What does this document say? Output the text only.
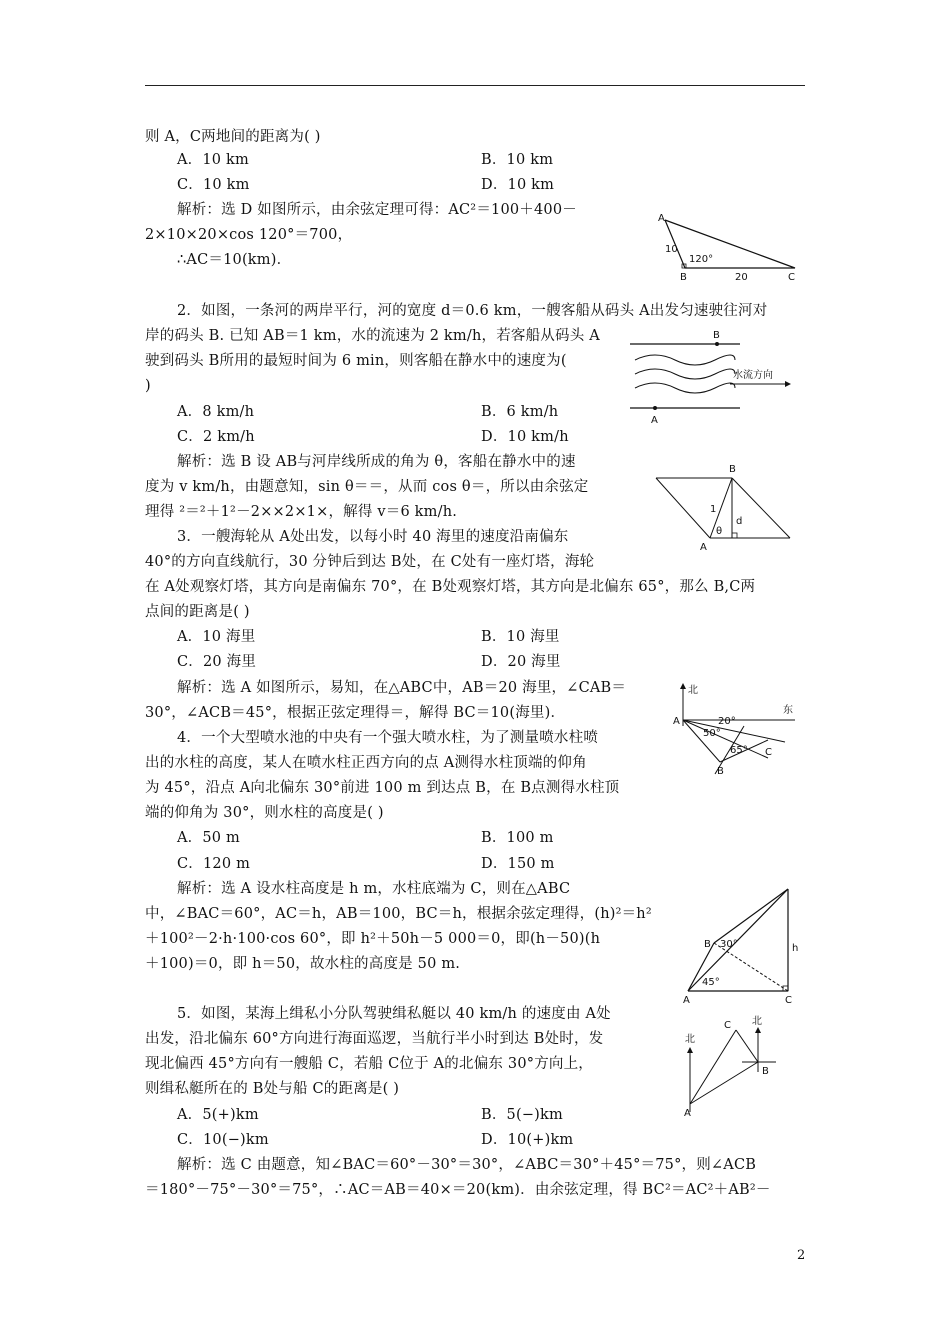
则 A，C两地间的距离为( )
A．10 km	B．10 km
C．10 km	D．10 km
解析：选 D 如图所示，由余弦定理可得：AC²＝100＋400－
2×10×20×cos 120°＝700，
∴AC＝10(km)．
2．如图，一条河的两岸平行，河的宽度 d＝0.6 km，一艘客船从码头 A出发匀速驶往河对
岸的码头 B. 已知 AB＝1 km，水的流速为 2 km/h，若客船从码头 A
驶到码头 B所用的最短时间为 6 min，则客船在静水中的速度为(
)
A．8 km/h	B．6 km/h
C．2 km/h	D．10 km/h
解析：选 B 设 AB与河岸线所成的角为 θ，客船在静水中的速
度为 v km/h，由题意知，sin θ＝＝，从而 cos θ＝，所以由余弦定
理得 ²＝²＋1²－2××2×1×，解得 v＝6 km/h.
3．一艘海轮从 A处出发，以每小时 40 海里的速度沿南偏东
40°的方向直线航行，30 分钟后到达 B处，在 C处有一座灯塔，海轮
在 A处观察灯塔，其方向是南偏东 70°，在 B处观察灯塔，其方向是北偏东 65°，那么 B,C两
点间的距离是( )
A．10 海里	B．10 海里
C．20 海里	D．20 海里
解析：选 A 如图所示，易知，在△ABC中，AB＝20 海里，∠CAB＝
30°，∠ACB＝45°，根据正弦定理得＝，解得 BC＝10(海里)．
4．一个大型喷水池的中央有一个强大喷水柱，为了测量喷水柱喷
出的水柱的高度，某人在喷水柱正西方向的点 A测得水柱顶端的仰角
为 45°，沿点 A向北偏东 30°前进 100 m 到达点 B，在 B点测得水柱顶
端的仰角为 30°，则水柱的高度是( )
A．50 m	B．100 m
C．120 m	D．150 m
解析：选 A 设水柱高度是 h m，水柱底端为 C，则在△ABC
中，∠BAC＝60°，AC＝h，AB＝100，BC＝h，根据余弦定理得，(h)²＝h²
＋100²－2·h·100·cos 60°，即 h²＋50h－5 000＝0，即(h－50)(h
＋100)＝0，即 h＝50，故水柱的高度是 50 m.
5．如图，某海上缉私小分队驾驶缉私艇以 40 km/h 的速度由 A处
出发，沿北偏东 60°方向进行海面巡逻，当航行半小时到达 B处时，发
现北偏西 45°方向有一艘船 C，若船 C位于 A的北偏东 30°方向上，
则缉私艇所在的 B处与船 C的距离是( )
A．5(+)km	B．5(−)km
C．10(−)km	D．10(+)km
解析：选 C 由题意，知∠BAC＝60°－30°＝30°，∠ABC＝30°＋45°＝75°，则∠ACB
＝180°－75°－30°＝75°，∴AC＝AB＝40×＝20(km)．由余弦定理，得 BC²＝AC²＋AB²－
A
B	C
10
120°
20
B
A
水流方向
B
A
1
d
θ
北
东
A
B
C
20°
50°
65°
B
A	C
h
30°
45°
北
北
A
B
C
2
